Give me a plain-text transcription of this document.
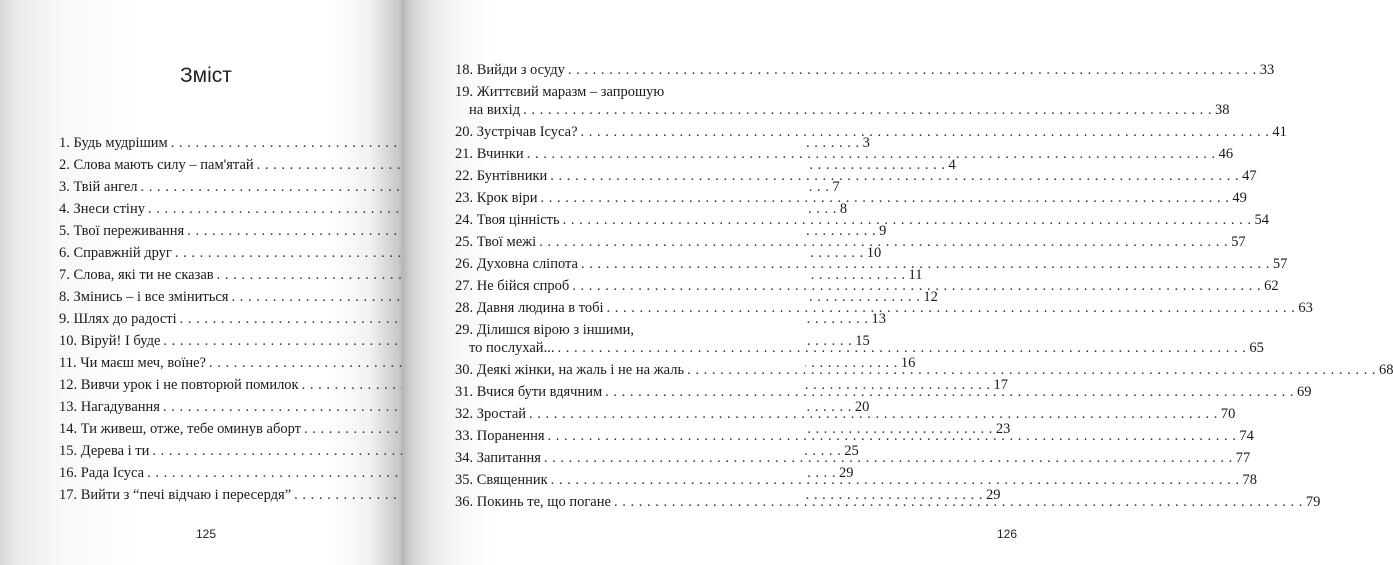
Зміст
1. Будь мудрішим . . .	3
2. Слова мають силу – пам'ятай . . .	4
3. Твій ангел . . .	7
4. Знеси стіну . . .	8
5. Твої переживання . . .	9
6. Справжній друг . . .	10
7. Слова, які ти не сказав . . .	11
8. Змінись – і все зміниться . . .	12
9. Шлях до радості . . .	13
10. Віруй! І буде . . .	15
11. Чи маєш меч, воїне? . . .	16
12. Вивчи урок і не повторюй помилок . . .	17
13. Нагадування . . .	20
14. Ти живеш, отже, тебе оминув аборт . . .	23
15. Дерева і ти . . .	25
16. Рада Ісуса . . .	29
17. Вийти з “печі відчаю і пересердя” . . .	29
125	126
18. Вийди з осуду . . .	33
19. Життєвий маразм – запрошую
на вихід . . .	38
20. Зустрічав Ісуса? . . .	41
21. Вчинки . . .	46
22. Бунтівники . . .	47
23. Крок віри . . .	49
24. Твоя цінність . . .	54
25. Твої межі . . .	57
26. Духовна сліпота . . .	57
27. Не бійся спроб . . .	62
28. Давня людина в тобі . . .	63
29. Ділишся вірою з іншими,
то послухай... . . .	65
30. Деякі жінки, на жаль і не на жаль . . .	68
31. Вчися бути вдячним . . .	69
32. Зростай . . .	70
33. Поранення . . .	74
34. Запитання . . .	77
35. Священник . . .	78
36. Покинь те, що погане . . .	79
